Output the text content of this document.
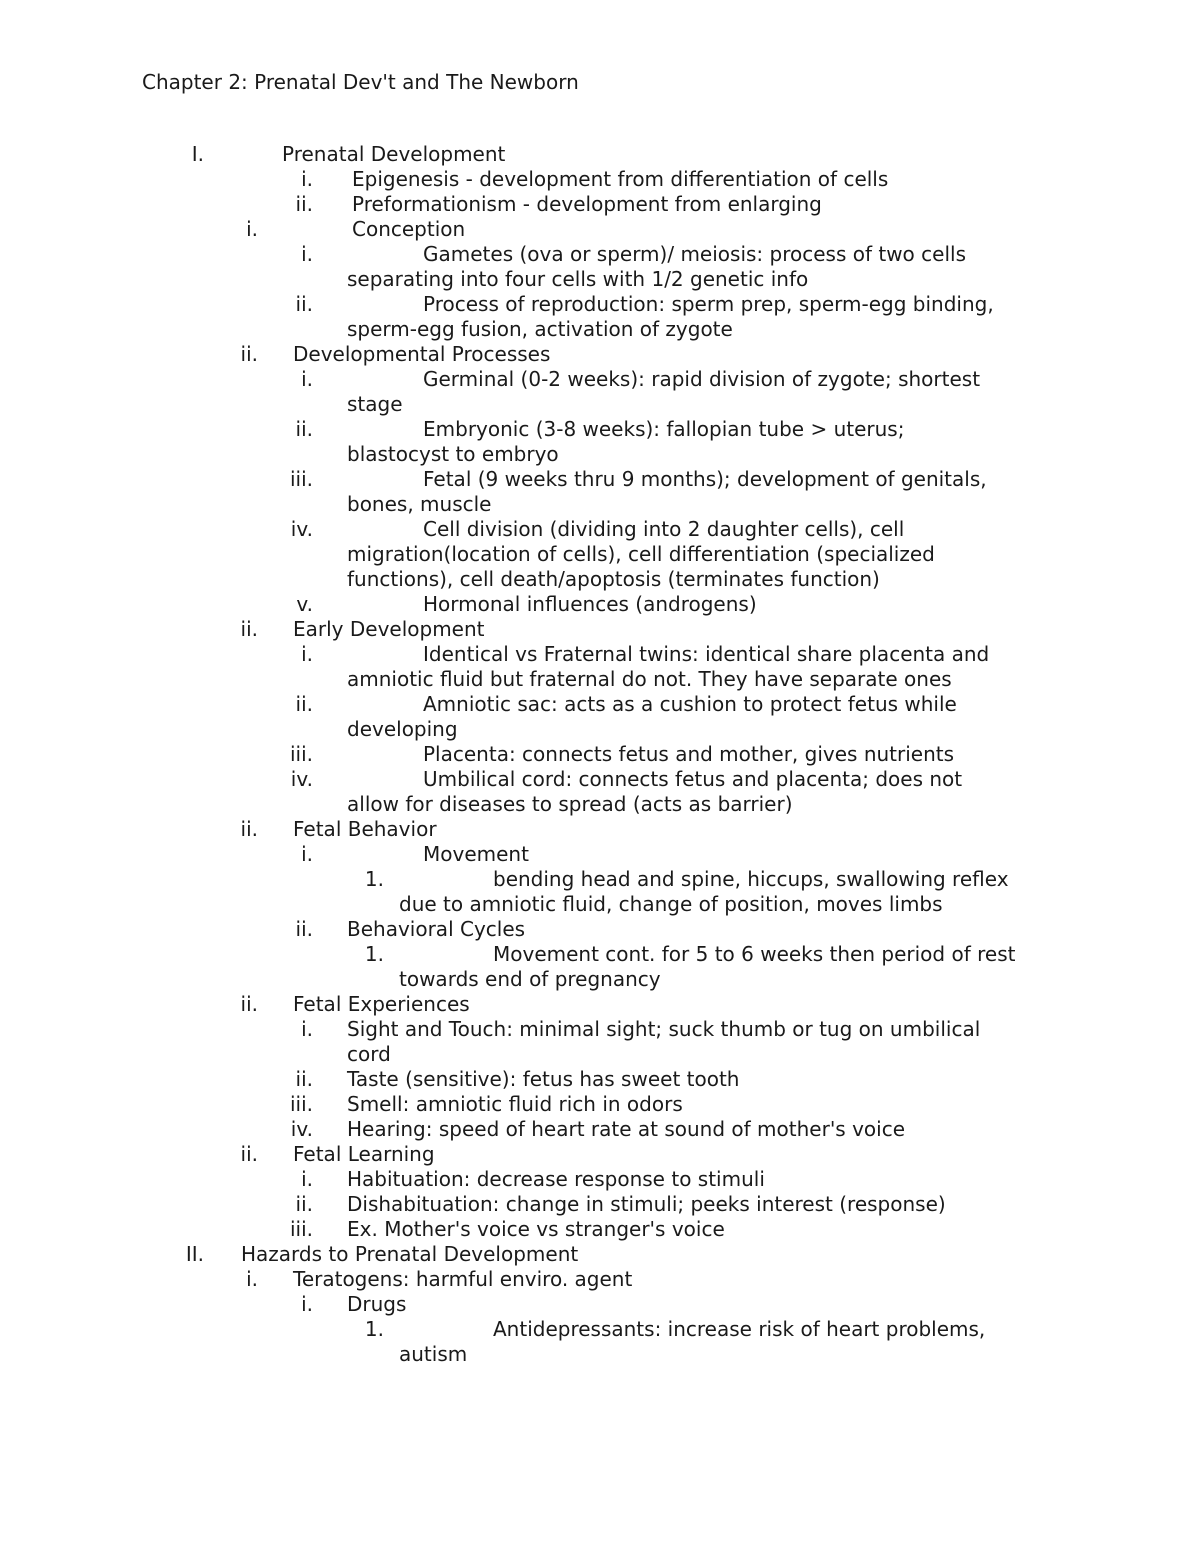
Chapter 2: Prenatal Dev't and The Newborn
I.	Prenatal Development
i. Epigenesis - development from differentiation of cells
ii. Preformationism - development from enlarging
i.	Conception
i.	Gametes (ova or sperm)/ meiosis: process of two cells
separating into four cells with 1/2 genetic info
ii.	Process of reproduction: sperm prep, sperm-egg binding,
sperm-egg fusion, activation of zygote
ii. Developmental Processes
i.	Germinal (0-2 weeks): rapid division of zygote; shortest
stage
ii.	Embryonic (3-8 weeks): fallopian tube > uterus;
blastocyst to embryo
iii.	Fetal (9 weeks thru 9 months); development of genitals,
bones, muscle
iv.	Cell division (dividing into 2 daughter cells), cell
migration(location of cells), cell differentiation (specialized
functions), cell death/apoptosis (terminates function)
v.	Hormonal influences (androgens)
ii. Early Development
i.	Identical vs Fraternal twins: identical share placenta and
amniotic fluid but fraternal do not. They have separate ones
ii.	Amniotic sac: acts as a cushion to protect fetus while
developing
iii.	Placenta: connects fetus and mother, gives nutrients
iv.	Umbilical cord: connects fetus and placenta; does not
allow for diseases to spread (acts as barrier)
ii. Fetal Behavior
i.	Movement
1.	bending head and spine, hiccups, swallowing reflex
due to amniotic fluid, change of position, moves limbs
ii. Behavioral Cycles
1.	Movement cont. for 5 to 6 weeks then period of rest
towards end of pregnancy
ii. Fetal Experiences
i. Sight and Touch: minimal sight; suck thumb or tug on umbilical
cord
ii. Taste (sensitive): fetus has sweet tooth
iii. Smell: amniotic fluid rich in odors
iv. Hearing: speed of heart rate at sound of mother's voice
ii. Fetal Learning
i. Habituation: decrease response to stimuli
ii. Dishabituation: change in stimuli; peeks interest (response)
iii. Ex. Mother's voice vs stranger's voice
II. Hazards to Prenatal Development
i. Teratogens: harmful enviro. agent
i. Drugs
1.	Antidepressants: increase risk of heart problems,
autism
